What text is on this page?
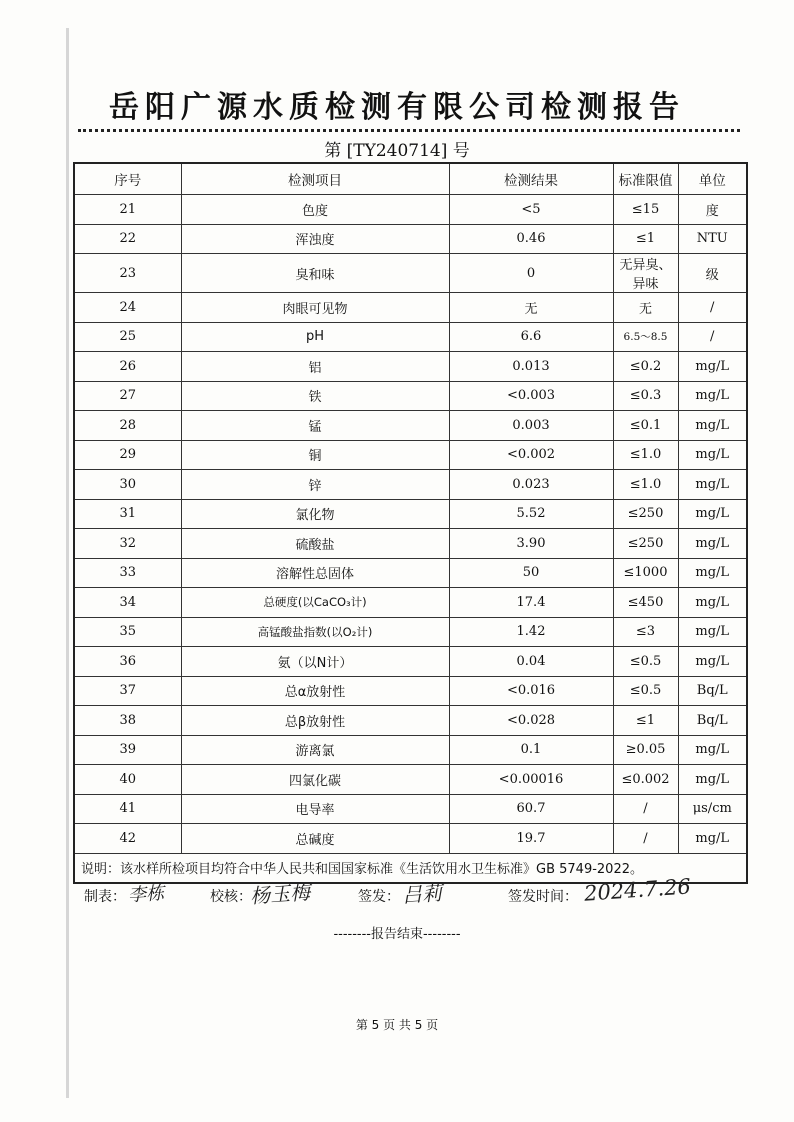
岳阳广源水质检测有限公司检测报告
第 [TY240714] 号
序号	检测项目	检测结果	标准限值	单位
21	色度	<5	≤15	度
22	浑浊度	0.46	≤1	NTU
23	臭和味	0	无异臭、异味	级
24	肉眼可见物	无	无	/
25	pH	6.6	6.5～8.5	/
26	铝	0.013	≤0.2	mg/L
27	铁	<0.003	≤0.3	mg/L
28	锰	0.003	≤0.1	mg/L
29	铜	<0.002	≤1.0	mg/L
30	锌	0.023	≤1.0	mg/L
31	氯化物	5.52	≤250	mg/L
32	硫酸盐	3.90	≤250	mg/L
33	溶解性总固体	50	≤1000	mg/L
34	总硬度(以CaCO₃计)	17.4	≤450	mg/L
35	高锰酸盐指数(以O₂计)	1.42	≤3	mg/L
36	氨（以N计）	0.04	≤0.5	mg/L
37	总α放射性	<0.016	≤0.5	Bq/L
38	总β放射性	<0.028	≤1	Bq/L
39	游离氯	0.1	≥0.05	mg/L
40	四氯化碳	<0.00016	≤0.002	mg/L
41	电导率	60.7	/	μs/cm
42	总碱度	19.7	/	mg/L
说明：该水样所检项目均符合中华人民共和国国家标准《生活饮用水卫生标准》GB 5749-2022。				
制表： 李栋	校核：
杨玉梅	签发： 吕莉	签发时间： 2024.7.26
--------报告结束--------
第 5 页 共 5 页
